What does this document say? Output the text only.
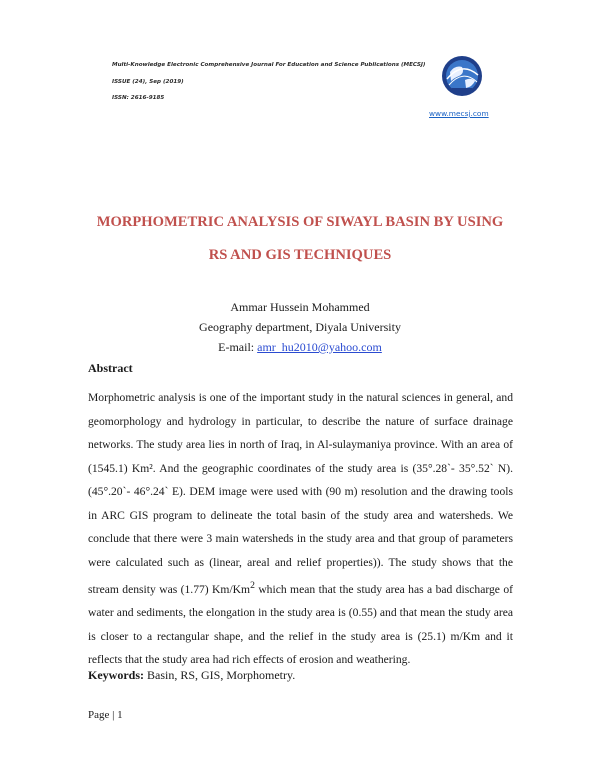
Multi-Knowledge Electronic Comprehensive Journal For Education and Science Publications (MECSJ)
ISSUE (24), Sep (2019)
ISSN: 2616-9185
www.mecsj.com
MORPHOMETRIC ANALYSIS OF SIWAYL BASIN BY USING
RS AND GIS TECHNIQUES
Ammar Hussein Mohammed
Geography department, Diyala University
E-mail: amr_hu2010@yahoo.com
Abstract
Morphometric analysis is one of the important study in the natural sciences in general, and geomorphology and hydrology in particular, to describe the nature of surface drainage networks. The study area lies in north of Iraq, in Al-sulaymaniya province. With an area of (1545.1) Km². And the geographic coordinates of the study area is (35°.28`- 35°.52` N). (45°.20`- 46°.24` E). DEM image were used with (90 m) resolution and the drawing tools in ARC GIS program to delineate the total basin of the study area and watersheds. We conclude that there were 3 main watersheds in the study area and that group of parameters were calculated such as (linear, areal and relief properties)). The study shows that the stream density was (1.77) Km/Km$^2$ which mean that the study area has a bad discharge of water and sediments, the elongation in the study area is (0.55) and that mean the study area is closer to a rectangular shape, and the relief in the study area is (25.1) m/Km and it reflects that the study area had rich effects of erosion and weathering.
Keywords: Basin, RS, GIS, Morphometry.
Page | 1
